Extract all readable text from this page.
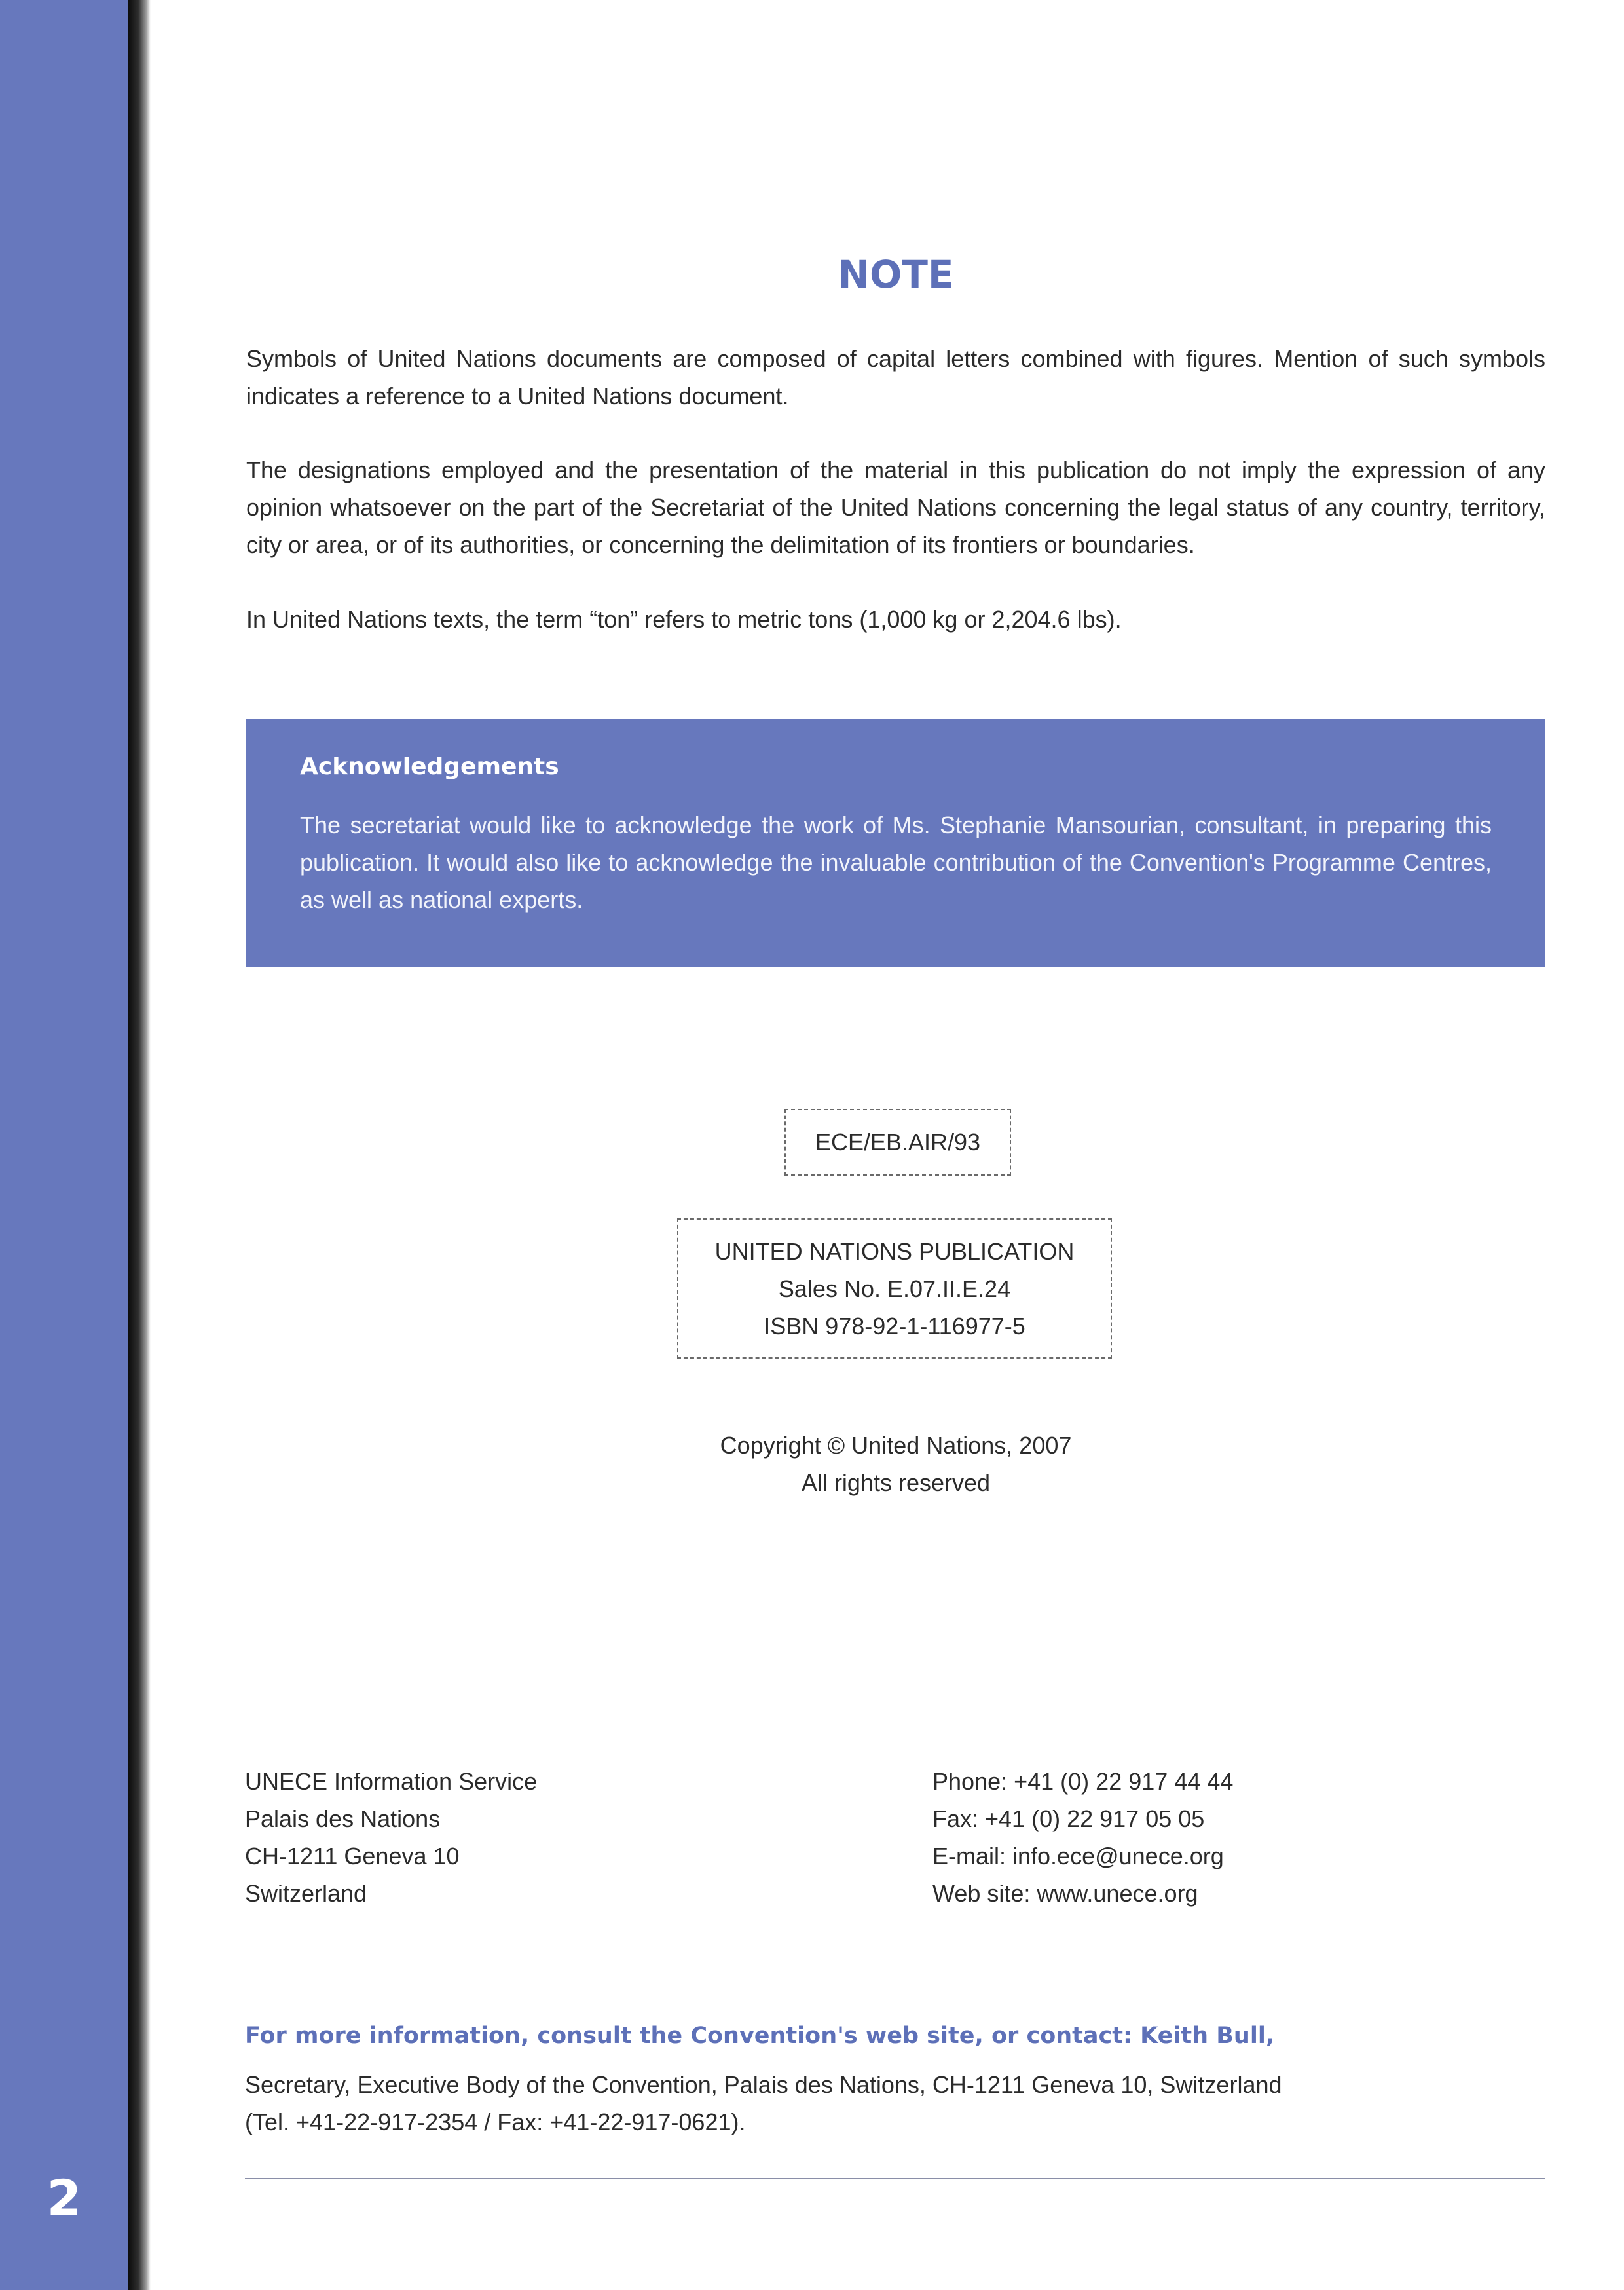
2
NOTE

Symbols of United Nations documents are composed of capital letters combined with figures. Mention of such symbols indicates a reference to a United Nations document.

The designations employed and the presentation of the material in this publication do not imply the expression of any opinion whatsoever on the part of the Secretariat of the United Nations concerning the legal status of any country, territory, city or area, or of its authorities, or concerning the delimitation of its frontiers or boundaries.

In United Nations texts, the term “ton” refers to metric tons (1,000 kg or 2,204.6 lbs).

Acknowledgements

The secretariat would like to acknowledge the work of Ms. Stephanie Mansourian, consultant, in preparing this publication. It would also like to acknowledge the invaluable contribution of the Convention's Programme Centres, as well as national experts.

ECE/EB.AIR/93
UNITED NATIONS PUBLICATION
Sales No. E.07.II.E.24
ISBN 978-92-1-116977-5
Copyright © United Nations, 2007
All rights reserved
UNECE Information Service
Palais des Nations
CH-1211 Geneva 10
Switzerland
Phone: +41 (0) 22 917 44 44
Fax: +41 (0) 22 917 05 05
E-mail: info.ece@unece.org
Web site: www.unece.org
For more information, consult the Convention's web site, or contact: Keith Bull,
Secretary, Executive Body of the Convention, Palais des Nations, CH-1211 Geneva 10, Switzerland
(Tel. +41-22-917-2354 / Fax: +41-22-917-0621).
